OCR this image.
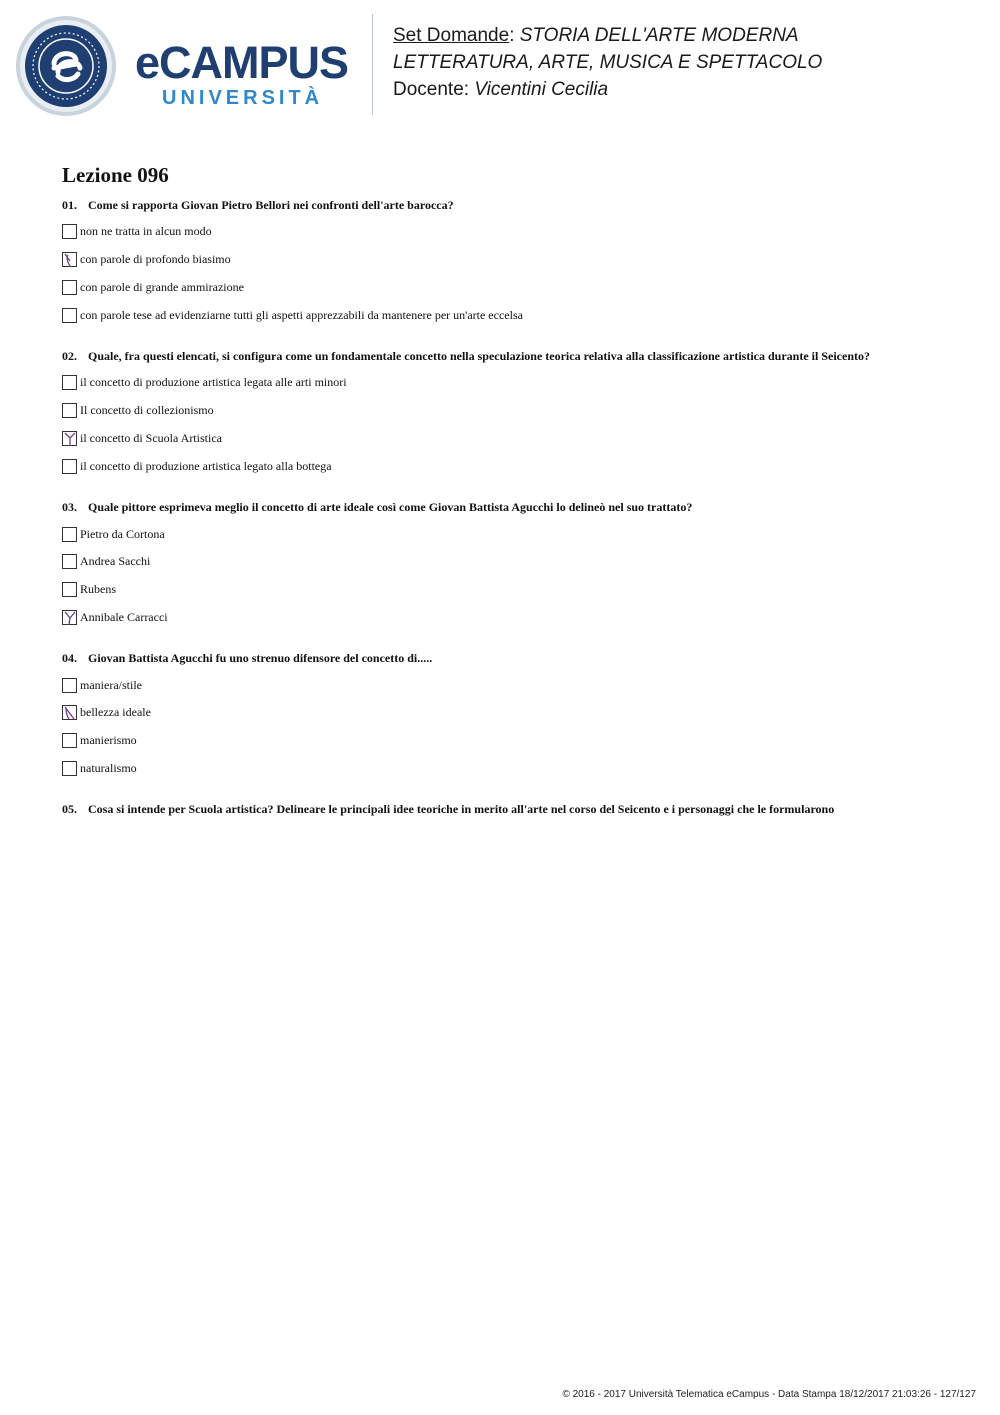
eCAMPUS
UNIVERSITÀ
Set Domande: STORIA DELL'ARTE MODERNA
LETTERATURA, ARTE, MUSICA E SPETTACOLO
Docente: Vicentini Cecilia
Lezione 096
01. Come si rapporta Giovan Pietro Bellori nei confronti dell'arte barocca?
non ne tratta in alcun modo
con parole di profondo biasimo
con parole di grande ammirazione
con parole tese ad evidenziarne tutti gli aspetti apprezzabili da mantenere per un'arte eccelsa
02. Quale, fra questi elencati, si configura come un fondamentale concetto nella speculazione teorica relativa alla classificazione artistica durante il Seicento?
il concetto di produzione artistica legata alle arti minori
Il concetto di collezionismo
il concetto di Scuola Artistica
il concetto di produzione artistica legato alla bottega
03. Quale pittore esprimeva meglio il concetto di arte ideale così come Giovan Battista Agucchi lo delineò nel suo trattato?
Pietro da Cortona
Andrea Sacchi
Rubens
Annibale Carracci
04. Giovan Battista Agucchi fu uno strenuo difensore del concetto di.....
maniera/stile
bellezza ideale
manierismo
naturalismo
05. Cosa si intende per Scuola artistica? Delineare le principali idee teoriche in merito all'arte nel corso del Seicento e i personaggi che le formularono
© 2016 - 2017 Università Telematica eCampus - Data Stampa 18/12/2017 21:03:26 - 127/127
